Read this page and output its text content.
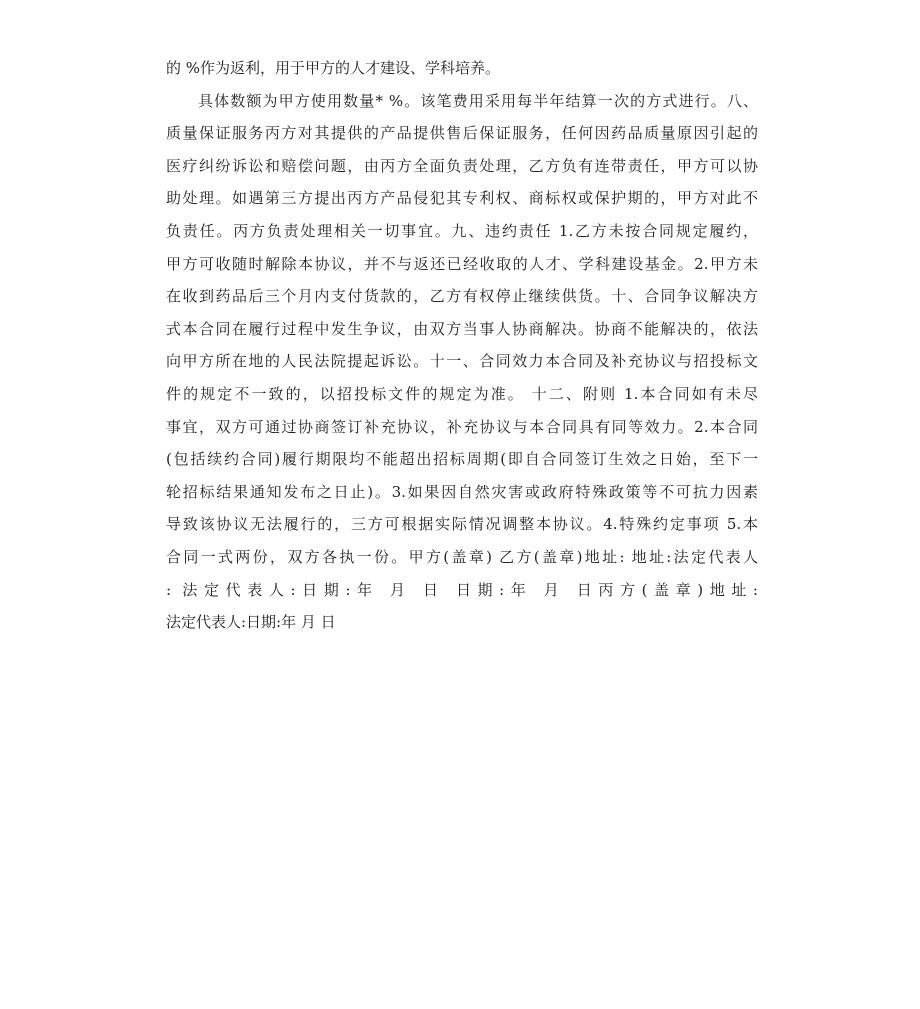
的 %作为返利，用于甲方的人才建设、学科培养。
具体数额为甲方使用数量* %。该笔费用采用每半年结算一次的方式进行。八、
质量保证服务丙方对其提供的产品提供售后保证服务，任何因药品质量原因引起的
医疗纠纷诉讼和赔偿问题，由丙方全面负责处理，乙方负有连带责任，甲方可以协
助处理。如遇第三方提出丙方产品侵犯其专利权、商标权或保护期的，甲方对此不
负责任。丙方负责处理相关一切事宜。九、违约责任 1.乙方未按合同规定履约，
甲方可收随时解除本协议，并不与返还已经收取的人才、学科建设基金。2.甲方未
在收到药品后三个月内支付货款的，乙方有权停止继续供货。十、合同争议解决方
式本合同在履行过程中发生争议，由双方当事人协商解决。协商不能解决的，依法
向甲方所在地的人民法院提起诉讼。十一、合同效力本合同及补充协议与招投标文
件的规定不一致的，以招投标文件的规定为准。 十二、附则 1.本合同如有未尽
事宜，双方可通过协商签订补充协议，补充协议与本合同具有同等效力。2.本合同
(包括续约合同)履行期限均不能超出招标周期(即自合同签订生效之日始，至下一
轮招标结果通知发布之日止)。3.如果因自然灾害或政府特殊政策等不可抗力因素
导致该协议无法履行的，三方可根据实际情况调整本协议。4.特殊约定事项 5.本
合同一式两份，双方各执一份。甲方(盖章) 乙方(盖章)地址: 地址:法定代表人
: 法定代表人:日期:年 月 日 日期:年 月 日丙方(盖章)地址:
法定代表人:日期:年 月 日
